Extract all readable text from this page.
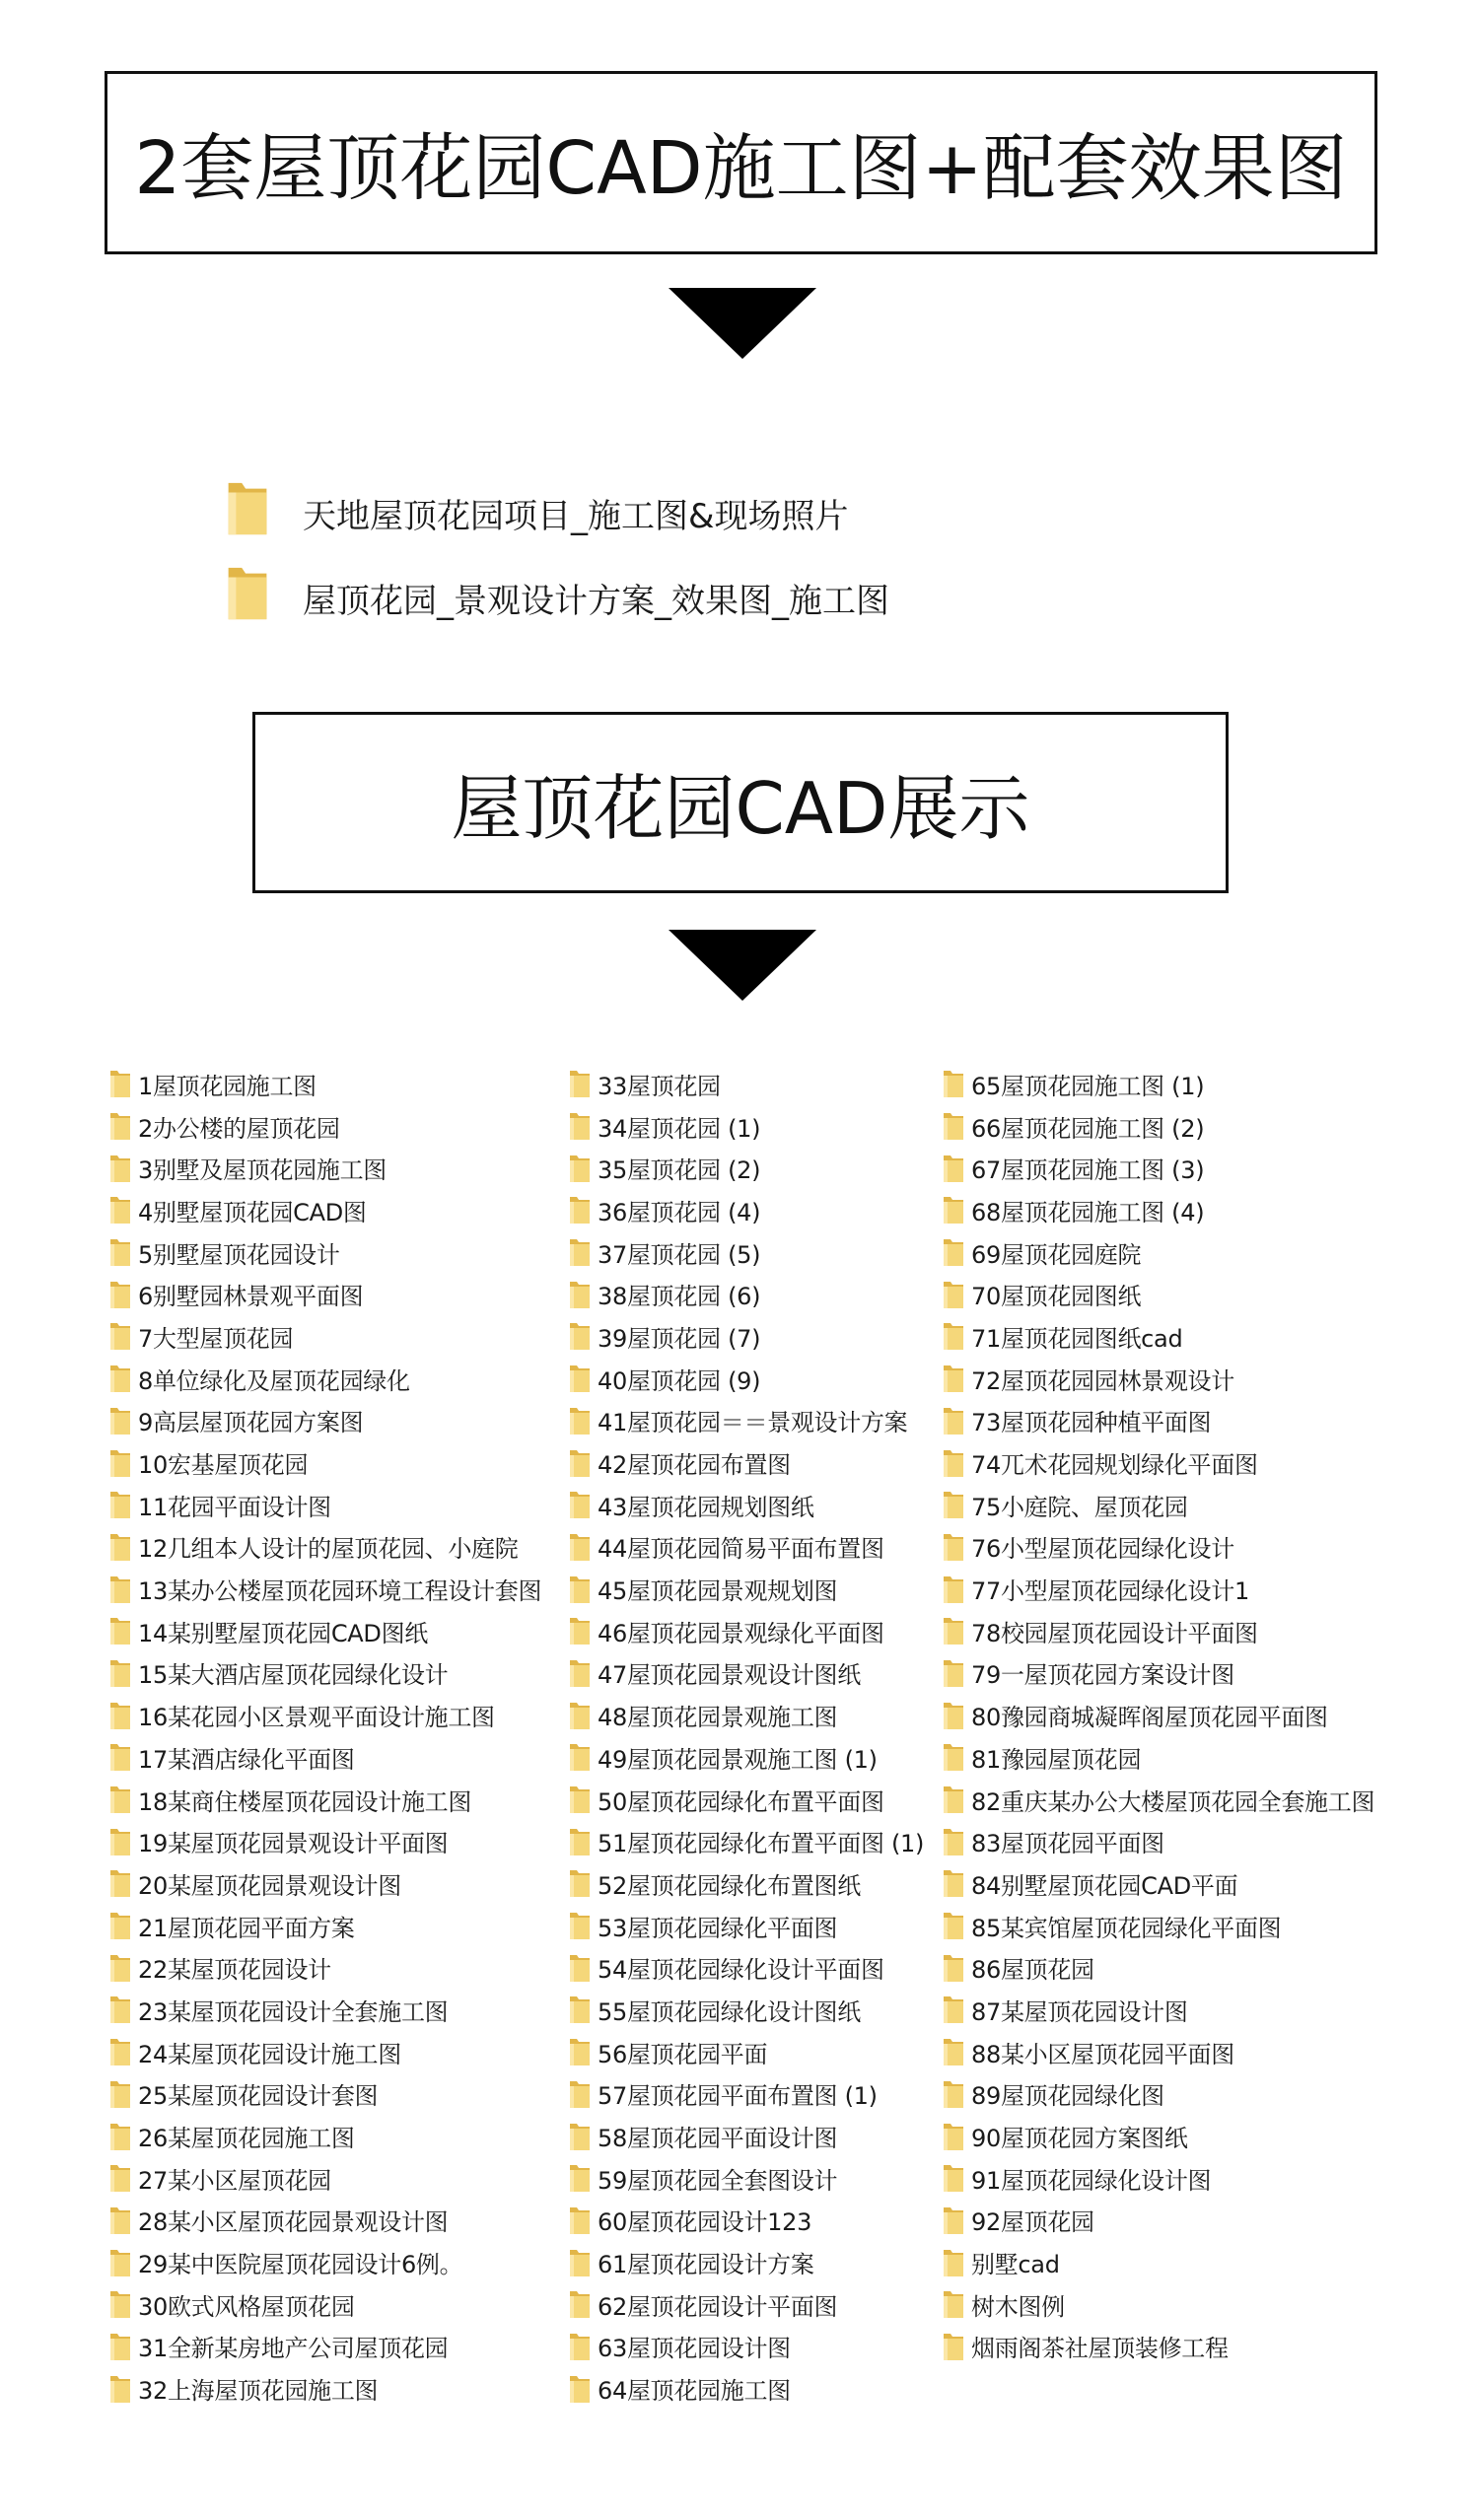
2套屋顶花园CAD施工图+配套效果图
天地屋顶花园项目_施工图&现场照片
屋顶花园_景观设计方案_效果图_施工图
屋顶花园CAD展示
1屋顶花园施工图
2办公楼的屋顶花园
3别墅及屋顶花园施工图
4别墅屋顶花园CAD图
5别墅屋顶花园设计
6别墅园林景观平面图
7大型屋顶花园
8单位绿化及屋顶花园绿化
9高层屋顶花园方案图
10宏基屋顶花园
11花园平面设计图
12几组本人设计的屋顶花园、小庭院
13某办公楼屋顶花园环境工程设计套图
14某别墅屋顶花园CAD图纸
15某大酒店屋顶花园绿化设计
16某花园小区景观平面设计施工图
17某酒店绿化平面图
18某商住楼屋顶花园设计施工图
19某屋顶花园景观设计平面图
20某屋顶花园景观设计图
21屋顶花园平面方案
22某屋顶花园设计
23某屋顶花园设计全套施工图
24某屋顶花园设计施工图
25某屋顶花园设计套图
26某屋顶花园施工图
27某小区屋顶花园
28某小区屋顶花园景观设计图
29某中医院屋顶花园设计6例。
30欧式风格屋顶花园
31全新某房地产公司屋顶花园
32上海屋顶花园施工图
33屋顶花园
34屋顶花园 (1)
35屋顶花园 (2)
36屋顶花园 (4)
37屋顶花园 (5)
38屋顶花园 (6)
39屋顶花园 (7)
40屋顶花园 (9)
41屋顶花园＝＝景观设计方案
42屋顶花园布置图
43屋顶花园规划图纸
44屋顶花园简易平面布置图
45屋顶花园景观规划图
46屋顶花园景观绿化平面图
47屋顶花园景观设计图纸
48屋顶花园景观施工图
49屋顶花园景观施工图 (1)
50屋顶花园绿化布置平面图
51屋顶花园绿化布置平面图 (1)
52屋顶花园绿化布置图纸
53屋顶花园绿化平面图
54屋顶花园绿化设计平面图
55屋顶花园绿化设计图纸
56屋顶花园平面
57屋顶花园平面布置图 (1)
58屋顶花园平面设计图
59屋顶花园全套图设计
60屋顶花园设计123
61屋顶花园设计方案
62屋顶花园设计平面图
63屋顶花园设计图
64屋顶花园施工图
65屋顶花园施工图 (1)
66屋顶花园施工图 (2)
67屋顶花园施工图 (3)
68屋顶花园施工图 (4)
69屋顶花园庭院
70屋顶花园图纸
71屋顶花园图纸cad
72屋顶花园园林景观设计
73屋顶花园种植平面图
74兀术花园规划绿化平面图
75小庭院、屋顶花园
76小型屋顶花园绿化设计
77小型屋顶花园绿化设计1
78校园屋顶花园设计平面图
79一屋顶花园方案设计图
80豫园商城凝晖阁屋顶花园平面图
81豫园屋顶花园
82重庆某办公大楼屋顶花园全套施工图
83屋顶花园平面图
84别墅屋顶花园CAD平面
85某宾馆屋顶花园绿化平面图
86屋顶花园
87某屋顶花园设计图
88某小区屋顶花园平面图
89屋顶花园绿化图
90屋顶花园方案图纸
91屋顶花园绿化设计图
92屋顶花园
别墅cad
树木图例
烟雨阁茶社屋顶装修工程
